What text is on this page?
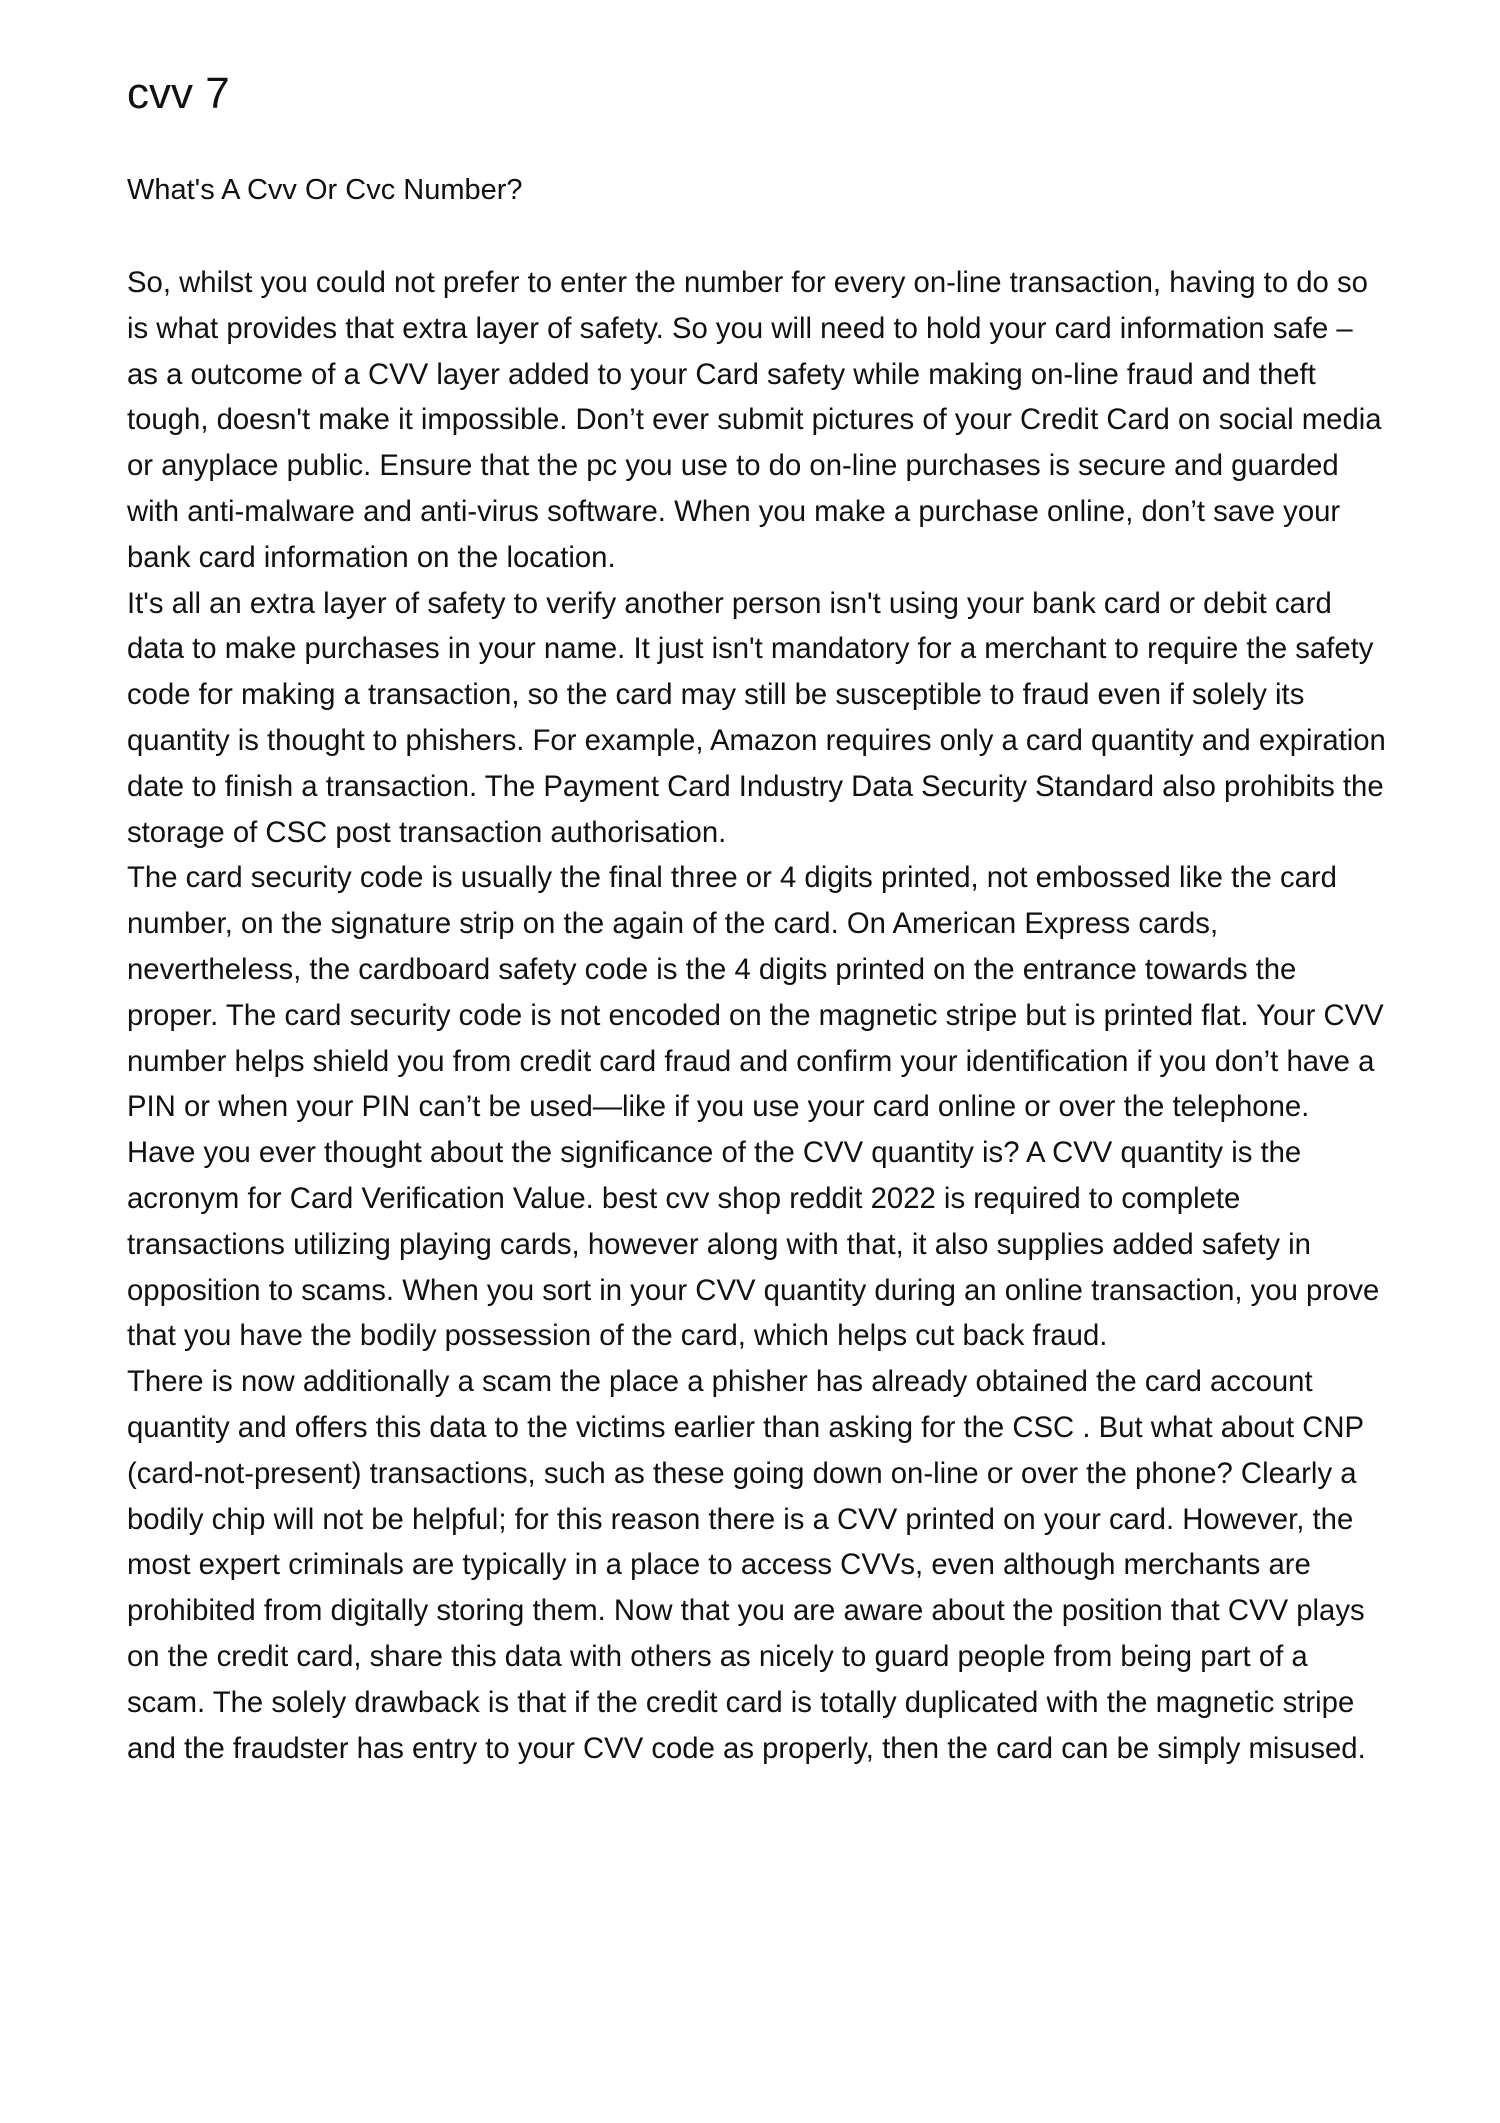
cvv 7
What's A Cvv Or Cvc Number?

So, whilst you could not prefer to enter the number for every on-line transaction, having to do so is what provides that extra layer of safety. So you will need to hold your card information safe – as a outcome of a CVV layer added to your Card safety while making on-line fraud and theft tough, doesn't make it impossible. Don’t ever submit pictures of your Credit Card on social media or anyplace public. Ensure that the pc you use to do on-line purchases is secure and guarded with anti-malware and anti-virus software. When you make a purchase online, don’t save your bank card information on the location.

It's all an extra layer of safety to verify another person isn't using your bank card or debit card data to make purchases in your name. It just isn't mandatory for a merchant to require the safety code for making a transaction, so the card may still be susceptible to fraud even if solely its quantity is thought to phishers. For example, Amazon requires only a card quantity and expiration date to finish a transaction. The Payment Card Industry Data Security Standard also prohibits the storage of CSC post transaction authorisation.

The card security code is usually the final three or 4 digits printed, not embossed like the card number, on the signature strip on the again of the card. On American Express cards, nevertheless, the cardboard safety code is the 4 digits printed on the entrance towards the proper. The card security code is not encoded on the magnetic stripe but is printed flat. Your CVV number helps shield you from credit card fraud and confirm your identification if you don’t have a PIN or when your PIN can’t be used—like if you use your card online or over the telephone.

Have you ever thought about the significance of the CVV quantity is? A CVV quantity is the acronym for Card Verification Value. best cvv shop reddit 2022 is required to complete transactions utilizing playing cards, however along with that, it also supplies added safety in opposition to scams. When you sort in your CVV quantity during an online transaction, you prove that you have the bodily possession of the card, which helps cut back fraud.

There is now additionally a scam the place a phisher has already obtained the card account quantity and offers this data to the victims earlier than asking for the CSC . But what about CNP (card-not-present) transactions, such as these going down on-line or over the phone? Clearly a bodily chip will not be helpful; for this reason there is a CVV printed on your card. However, the most expert criminals are typically in a place to access CVVs, even although merchants are prohibited from digitally storing them. Now that you are aware about the position that CVV plays on the credit card, share this data with others as nicely to guard people from being part of a scam. The solely drawback is that if the credit card is totally duplicated with the magnetic stripe and the fraudster has entry to your CVV code as properly, then the card can be simply misused.
